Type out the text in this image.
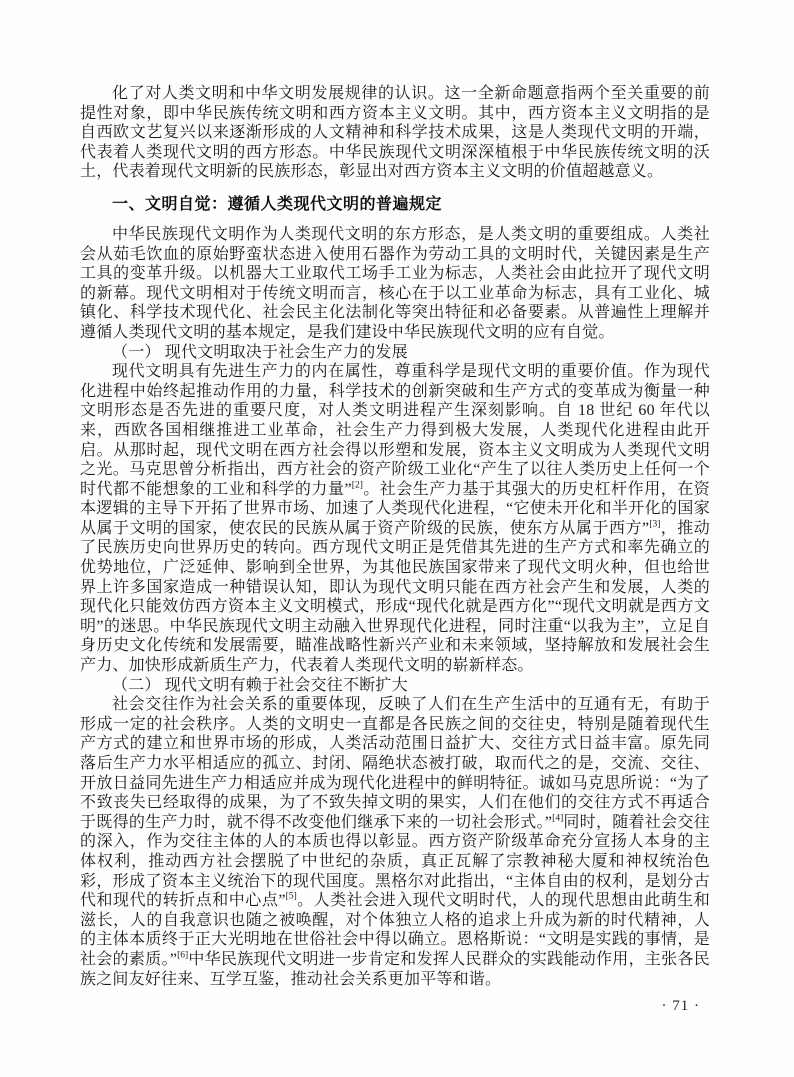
化了对人类文明和中华文明发展规律的认识。这一全新命题意指两个至关重要的前提性对象，即中华民族传统文明和西方资本主义文明。其中，西方资本主义文明指的是自西欧文艺复兴以来逐渐形成的人文精神和科学技术成果，这是人类现代文明的开端，代表着人类现代文明的西方形态。中华民族现代文明深深植根于中华民族传统文明的沃土，代表着现代文明新的民族形态，彰显出对西方资本主义文明的价值超越意义。

一、文明自觉：遵循人类现代文明的普遍规定

中华民族现代文明作为人类现代文明的东方形态，是人类文明的重要组成。人类社会从茹毛饮血的原始野蛮状态进入使用石器作为劳动工具的文明时代，关键因素是生产工具的变革升级。以机器大工业取代工场手工业为标志，人类社会由此拉开了现代文明的新幕。现代文明相对于传统文明而言，核心在于以工业革命为标志，具有工业化、城镇化、科学技术现代化、社会民主化法制化等突出特征和必备要素。从普遍性上理解并遵循人类现代文明的基本规定，是我们建设中华民族现代文明的应有自觉。

（一） 现代文明取决于社会生产力的发展

现代文明具有先进生产力的内在属性，尊重科学是现代文明的重要价值。作为现代化进程中始终起推动作用的力量，科学技术的创新突破和生产方式的变革成为衡量一种文明形态是否先进的重要尺度，对人类文明进程产生深刻影响。自 18 世纪 60 年代以来，西欧各国相继推进工业革命，社会生产力得到极大发展，人类现代化进程由此开启。从那时起，现代文明在西方社会得以形塑和发展，资本主义文明成为人类现代文明之光。马克思曾分析指出，西方社会的资产阶级工业化“产生了以往人类历史上任何一个时代都不能想象的工业和科学的力量”[2]。社会生产力基于其强大的历史杠杆作用，在资本逻辑的主导下开拓了世界市场、加速了人类现代化进程，“它使未开化和半开化的国家从属于文明的国家，使农民的民族从属于资产阶级的民族，使东方从属于西方”[3]，推动了民族历史向世界历史的转向。西方现代文明正是凭借其先进的生产方式和率先确立的优势地位，广泛延伸、影响到全世界，为其他民族国家带来了现代文明火种，但也给世界上许多国家造成一种错误认知，即认为现代文明只能在西方社会产生和发展，人类的现代化只能效仿西方资本主义文明模式，形成“现代化就是西方化”“现代文明就是西方文明”的迷思。中华民族现代文明主动融入世界现代化进程，同时注重“以我为主”，立足自身历史文化传统和发展需要，瞄准战略性新兴产业和未来领域，坚持解放和发展社会生产力、加快形成新质生产力，代表着人类现代文明的崭新样态。

（二） 现代文明有赖于社会交往不断扩大

社会交往作为社会关系的重要体现，反映了人们在生产生活中的互通有无，有助于形成一定的社会秩序。人类的文明史一直都是各民族之间的交往史，特别是随着现代生产方式的建立和世界市场的形成，人类活动范围日益扩大、交往方式日益丰富。原先同落后生产力水平相适应的孤立、封闭、隔绝状态被打破，取而代之的是，交流、交往、开放日益同先进生产力相适应并成为现代化进程中的鲜明特征。诚如马克思所说：“为了不致丧失已经取得的成果，为了不致失掉文明的果实，人们在他们的交往方式不再适合于既得的生产力时，就不得不改变他们继承下来的一切社会形式。”[4]同时，随着社会交往的深入，作为交往主体的人的本质也得以彰显。西方资产阶级革命充分宣扬人本身的主体权利，推动西方社会摆脱了中世纪的杂质，真正瓦解了宗教神秘大厦和神权统治色彩，形成了资本主义统治下的现代国度。黑格尔对此指出，“主体自由的权利，是划分古代和现代的转折点和中心点”[5]。人类社会进入现代文明时代，人的现代思想由此萌生和滋长，人的自我意识也随之被唤醒，对个体独立人格的追求上升成为新的时代精神，人的主体本质终于正大光明地在世俗社会中得以确立。恩格斯说：“文明是实践的事情，是社会的素质。”[6]中华民族现代文明进一步肯定和发挥人民群众的实践能动作用，主张各民族之间友好往来、互学互鉴，推动社会关系更加平等和谐。

· 71 ·
